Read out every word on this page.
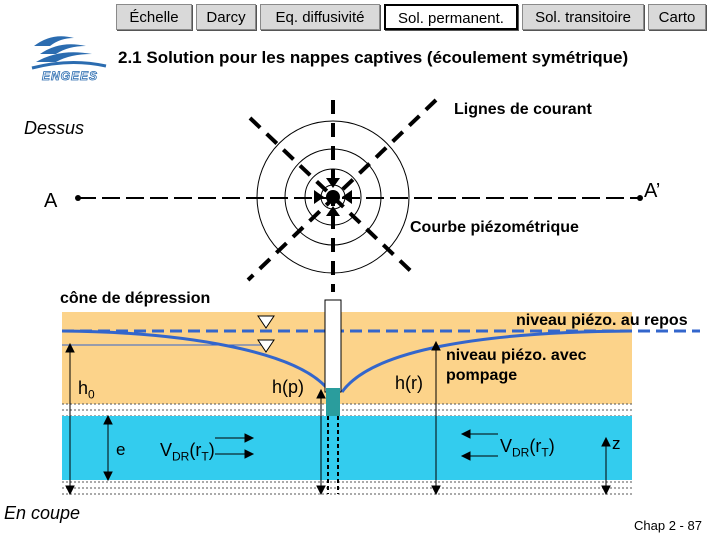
Échelle	Darcy	Eq. diffusivité	Sol. permanent.	Sol. transitoire	Carto
ENGEES
2.1 Solution pour les nappes captives (écoulement symétrique)
Dessus
Lignes de courant
Courbe piézométrique
A	A’
cône de dépression
niveau piézo. au repos
niveau piézo. avec
pompage
$h_0$	h(p)	h(r)
e	z
$V_{DR}(r_T)$	$V_{DR}(r_T)$
En coupe
Chap 2 - 87
